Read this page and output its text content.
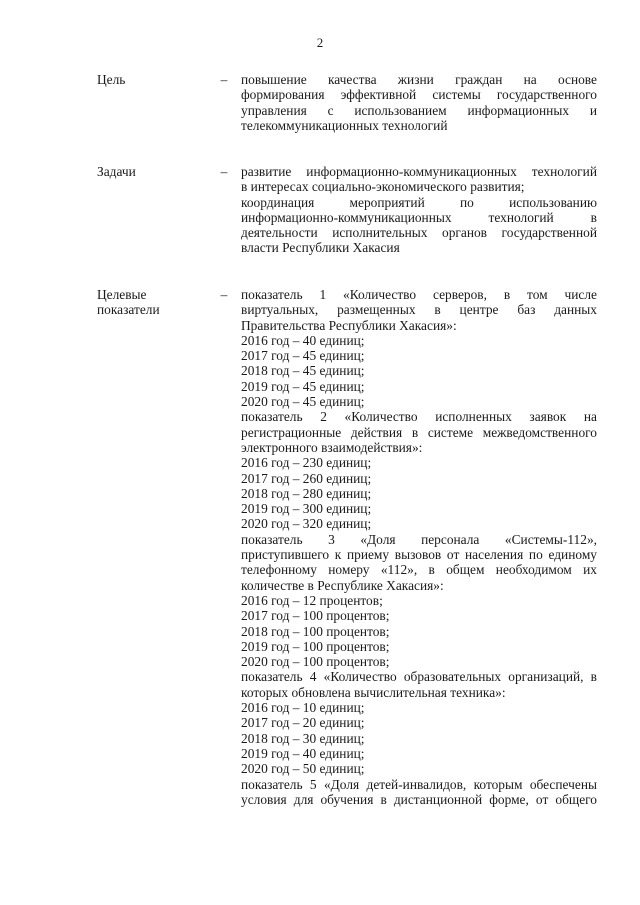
2
Цель	– повышение качества жизни граждан на основе
формирования эффективной системы государственного
управления с использованием информационных и
телекоммуникационных технологий
Задачи	– развитие информационно-коммуникационных технологий
в интересах социально-экономического развития;
координация мероприятий по использованию
информационно-коммуникационных технологий в
деятельности исполнительных органов государственной
власти Республики Хакасия
Целевые
показатели
– показатель 1 «Количество серверов, в том числе
виртуальных, размещенных в центре баз данных
Правительства Республики Хакасия»:
2016 год – 40 единиц;
2017 год – 45 единиц;
2018 год – 45 единиц;
2019 год – 45 единиц;
2020 год – 45 единиц;
показатель 2 «Количество исполненных заявок на
регистрационные действия в системе межведомственного
электронного взаимодействия»:
2016 год – 230 единиц;
2017 год – 260 единиц;
2018 год – 280 единиц;
2019 год – 300 единиц;
2020 год – 320 единиц;
показатель 3 «Доля персонала «Системы-112»,
приступившего к приему вызовов от населения по единому
телефонному номеру «112», в общем необходимом их
количестве в Республике Хакасия»:
2016 год – 12 процентов;
2017 год – 100 процентов;
2018 год – 100 процентов;
2019 год – 100 процентов;
2020 год – 100 процентов;
показатель 4 «Количество образовательных организаций, в
которых обновлена вычислительная техника»:
2016 год – 10 единиц;
2017 год – 20 единиц;
2018 год – 30 единиц;
2019 год – 40 единиц;
2020 год – 50 единиц;
показатель 5 «Доля детей-инвалидов, которым обеспечены
условия для обучения в дистанционной форме, от общего
